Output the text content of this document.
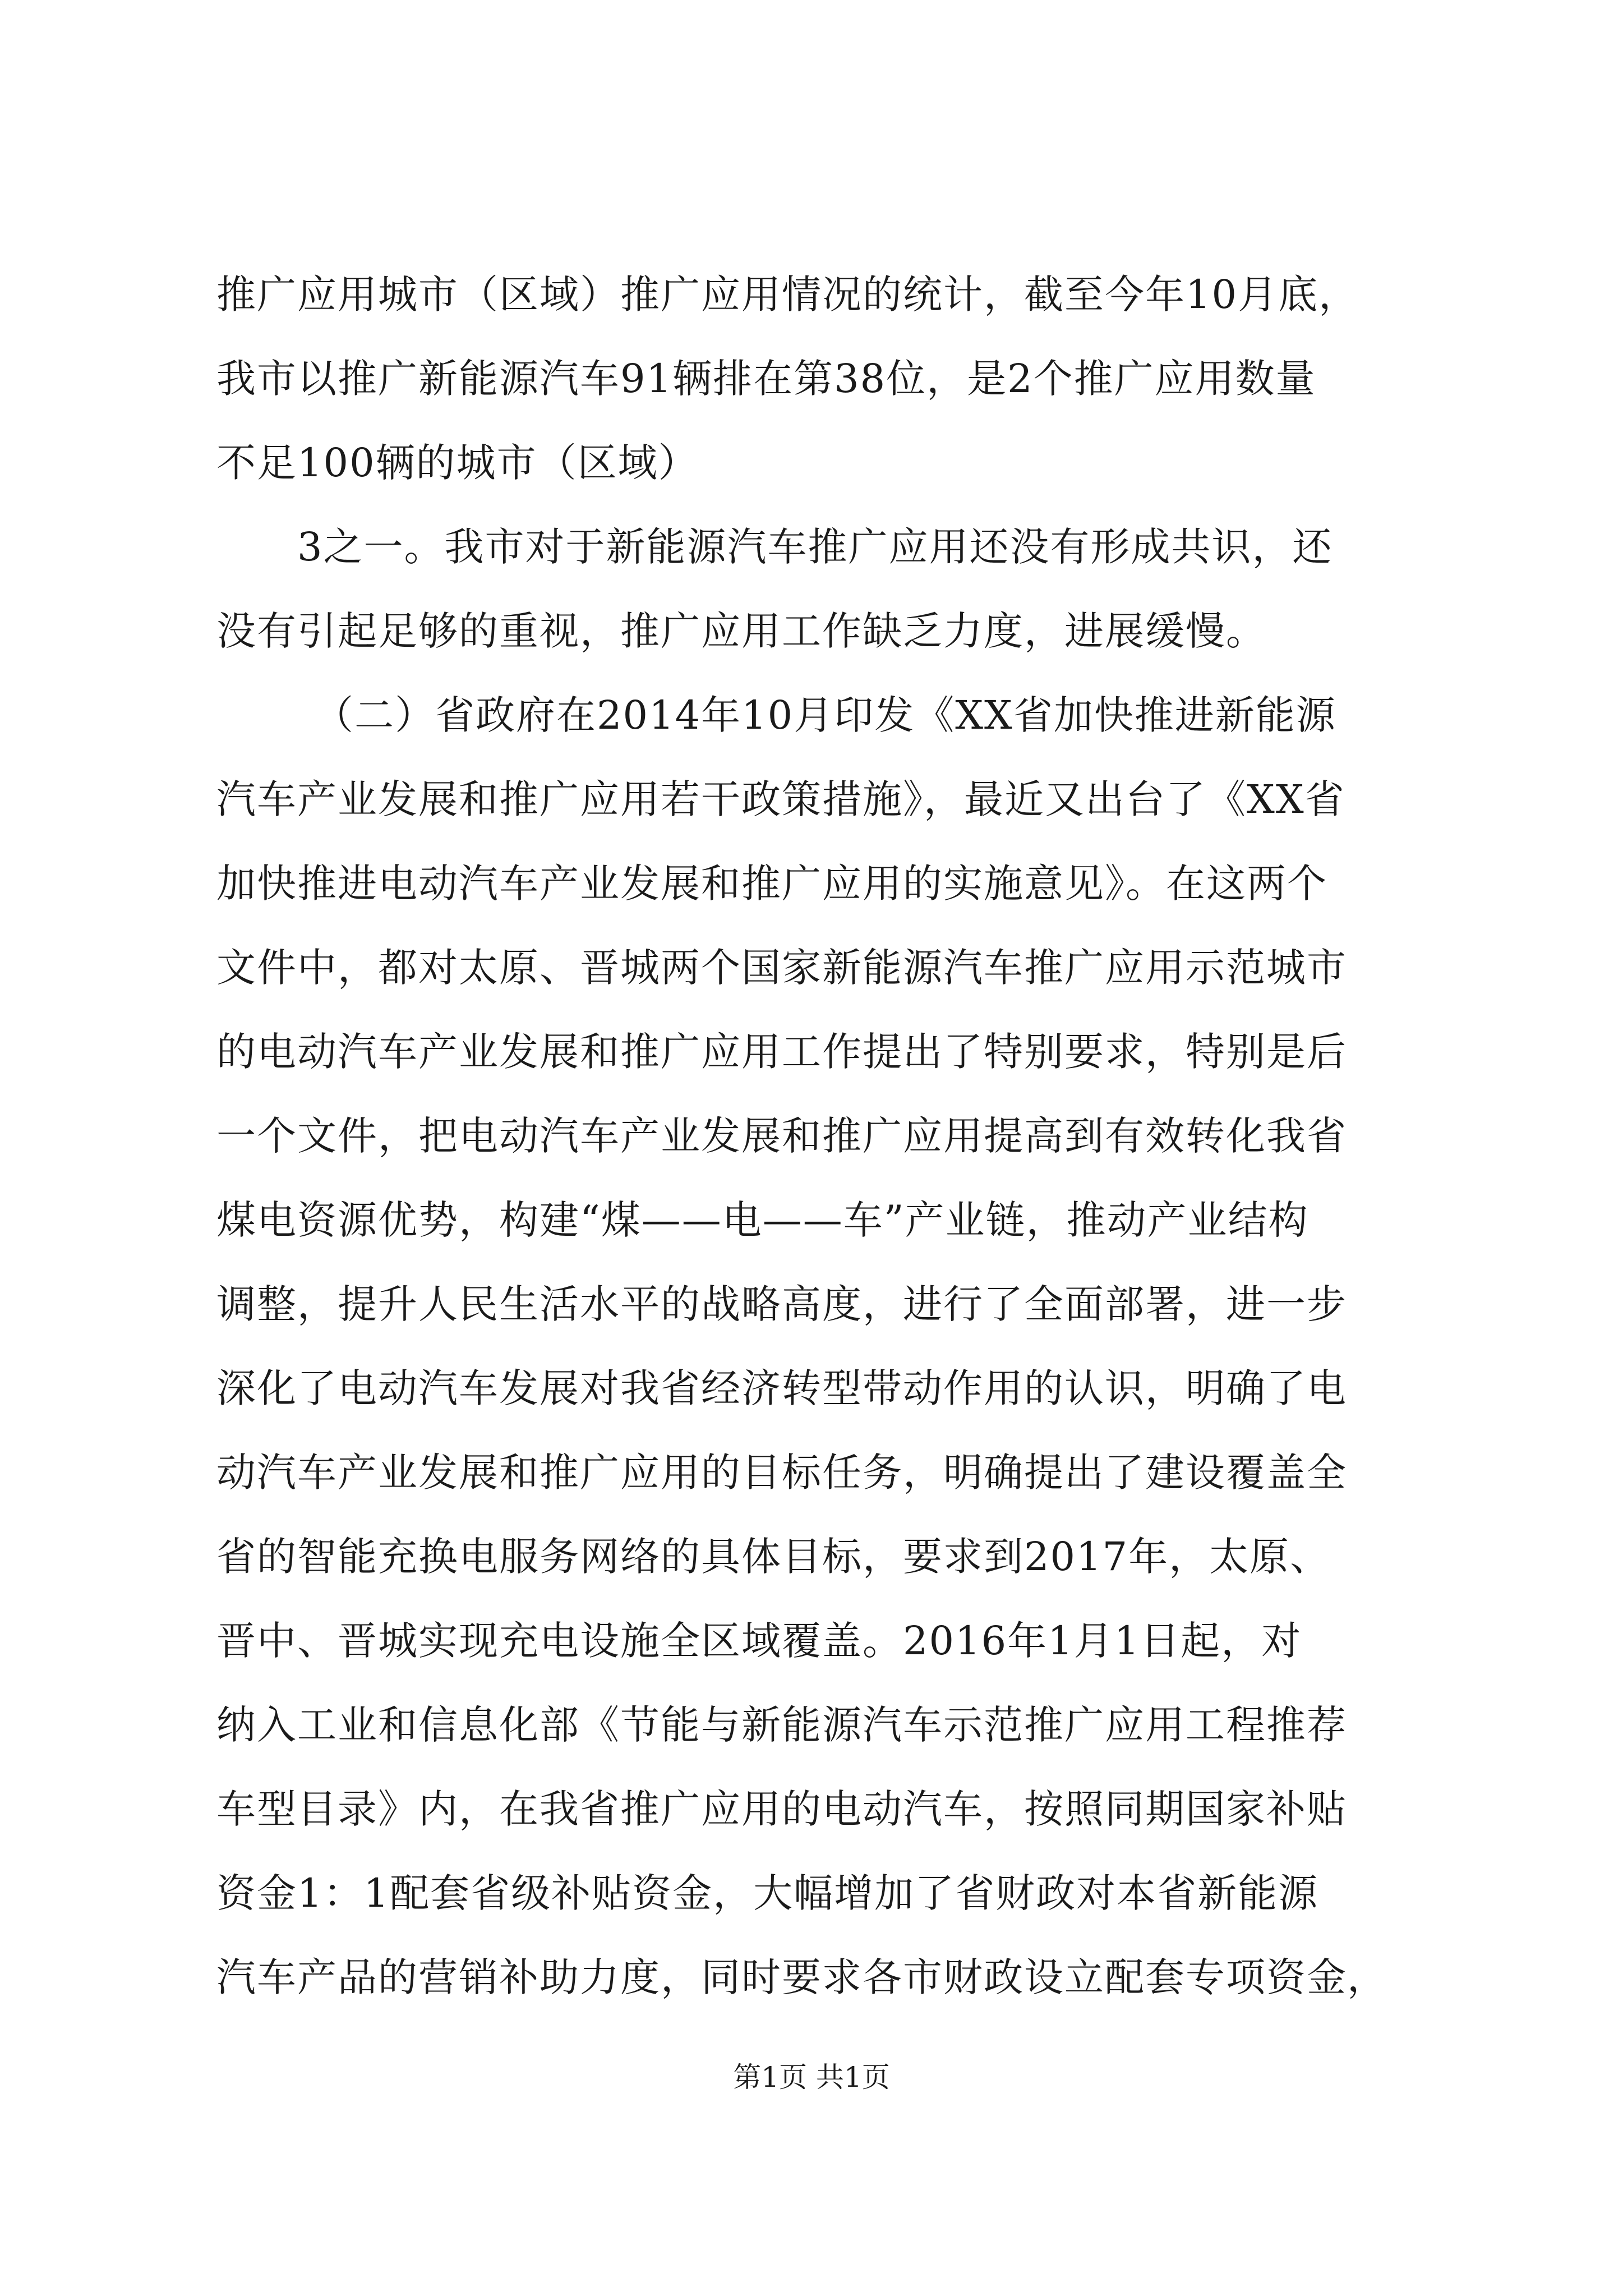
推广应用城市（区域）推广应用情况的统计，截至今年10月底，
我市以推广新能源汽车91辆排在第38位，是2个推广应用数量
不足100辆的城市（区域）
3之一。我市对于新能源汽车推广应用还没有形成共识，还
没有引起足够的重视，推广应用工作缺乏力度，进展缓慢。
（二）省政府在2014年10月印发《XX省加快推进新能源
汽车产业发展和推广应用若干政策措施》，最近又出台了《XX省
加快推进电动汽车产业发展和推广应用的实施意见》。在这两个
文件中，都对太原、晋城两个国家新能源汽车推广应用示范城市
的电动汽车产业发展和推广应用工作提出了特别要求，特别是后
一个文件，把电动汽车产业发展和推广应用提高到有效转化我省
煤电资源优势，构建“煤——电——车”产业链，推动产业结构
调整，提升人民生活水平的战略高度，进行了全面部署，进一步
深化了电动汽车发展对我省经济转型带动作用的认识，明确了电
动汽车产业发展和推广应用的目标任务，明确提出了建设覆盖全
省的智能充换电服务网络的具体目标，要求到2017年，太原、
晋中、晋城实现充电设施全区域覆盖。2016年1月1日起，对
纳入工业和信息化部《节能与新能源汽车示范推广应用工程推荐
车型目录》内，在我省推广应用的电动汽车，按照同期国家补贴
资金1：1配套省级补贴资金，大幅增加了省财政对本省新能源
汽车产品的营销补助力度，同时要求各市财政设立配套专项资金，
第1页 共1页
